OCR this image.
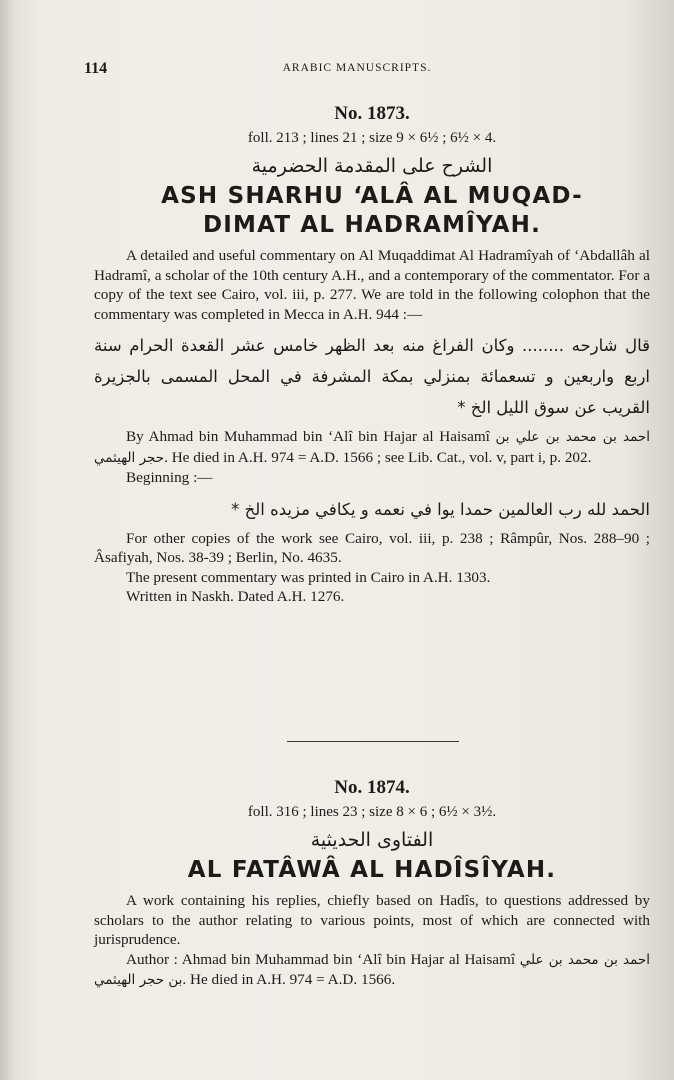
114	ARABIC MANUSCRIPTS.

No. 1873.

foll. 213 ; lines 21 ; size 9 × 6½ ; 6½ × 4.

الشرح على المقدمة الحضرمية

ASH SHARHU ‘ALÂ AL MUQAD-
DIMAT AL HADRAMÎYAH.

A detailed and useful commentary on Al Muqaddimat Al Hadramîyah of ‘Abdallâh al Hadramî, a scholar of the 10th century A.H., and a contemporary of the commentator. For a copy of the text see Cairo, vol. iii, p. 277. We are told in the following colophon that the commentary was completed in Mecca in A.H. 944 :—

قال شارحه ........ وكان الفراغ منه بعد الظهر خامس عشر القعدة الحرام سنة اربع واربعين و تسعمائة بمنزلي بمكة المشرفة في المحل المسمى بالجزيرة القريب عن سوق الليل الخ *

By Ahmad bin Muhammad bin ‘Alî bin Hajar al Haisamî احمد بن محمد بن علي بن حجر الهيثمي. He died in A.H. 974 = A.D. 1566 ; see Lib. Cat., vol. v, part i, p. 202.

Beginning :—

الحمد لله رب العالمين حمدا يوا في نعمه و يكافي مزيده الخ *

For other copies of the work see Cairo, vol. iii, p. 238 ; Râmpûr, Nos. 288–90 ; Âsafiyah, Nos. 38-39 ; Berlin, No. 4635.

The present commentary was printed in Cairo in A.H. 1303.

Written in Naskh. Dated A.H. 1276.

No. 1874.

foll. 316 ; lines 23 ; size 8 × 6 ; 6½ × 3½.

الفتاوى الحديثية

AL FATÂWÂ AL HADÎSÎYAH.

A work containing his replies, chiefly based on Hadîs, to questions addressed by scholars to the author relating to various points, most of which are connected with jurisprudence.

Author : Ahmad bin Muhammad bin ‘Alî bin Hajar al Haisamî احمد بن محمد بن علي بن حجر الهيثمي. He died in A.H. 974 = A.D. 1566.
